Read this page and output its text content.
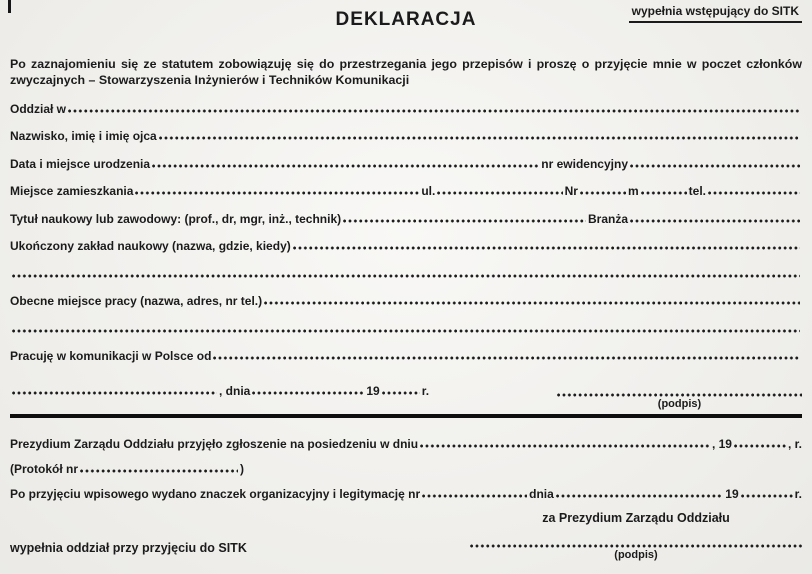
DEKLARACJA	wypełnia wstępujący do SITK

Po zaznajomieniu się ze statutem zobowiązuję się do przestrzegania jego przepisów i proszę o przyjęcie mnie w poczet członków
zwyczajnych – Stowarzyszenia Inżynierów i Techników Komunikacji

Oddział w
Nazwisko, imię i imię ojca
Data i miejsce urodzenia	nr ewidencyjny
Miejsce zamieszkania	ul.	Nr	m	tel.
Tytuł naukowy lub zawodowy: (prof., dr, mgr, inż., technik)	Branża
Ukończony zakład naukowy (nazwa, gdzie, kiedy)
Obecne miejsce pracy (nazwa, adres, nr tel.)
Pracuję w komunikacji w Polsce od
, dnia	19	r.
(podpis)
Prezydium Zarządu Oddziału przyjęło zgłoszenie na posiedzeniu w dniu	, 19	, r.
(Protokół nr	)
Po przyjęciu wpisowego wydano znaczek organizacyjny i legitymację nr	dnia	19	r.
wypełnia oddział przy przyjęciu do SITK
za Prezydium Zarządu Oddziału
(podpis)
